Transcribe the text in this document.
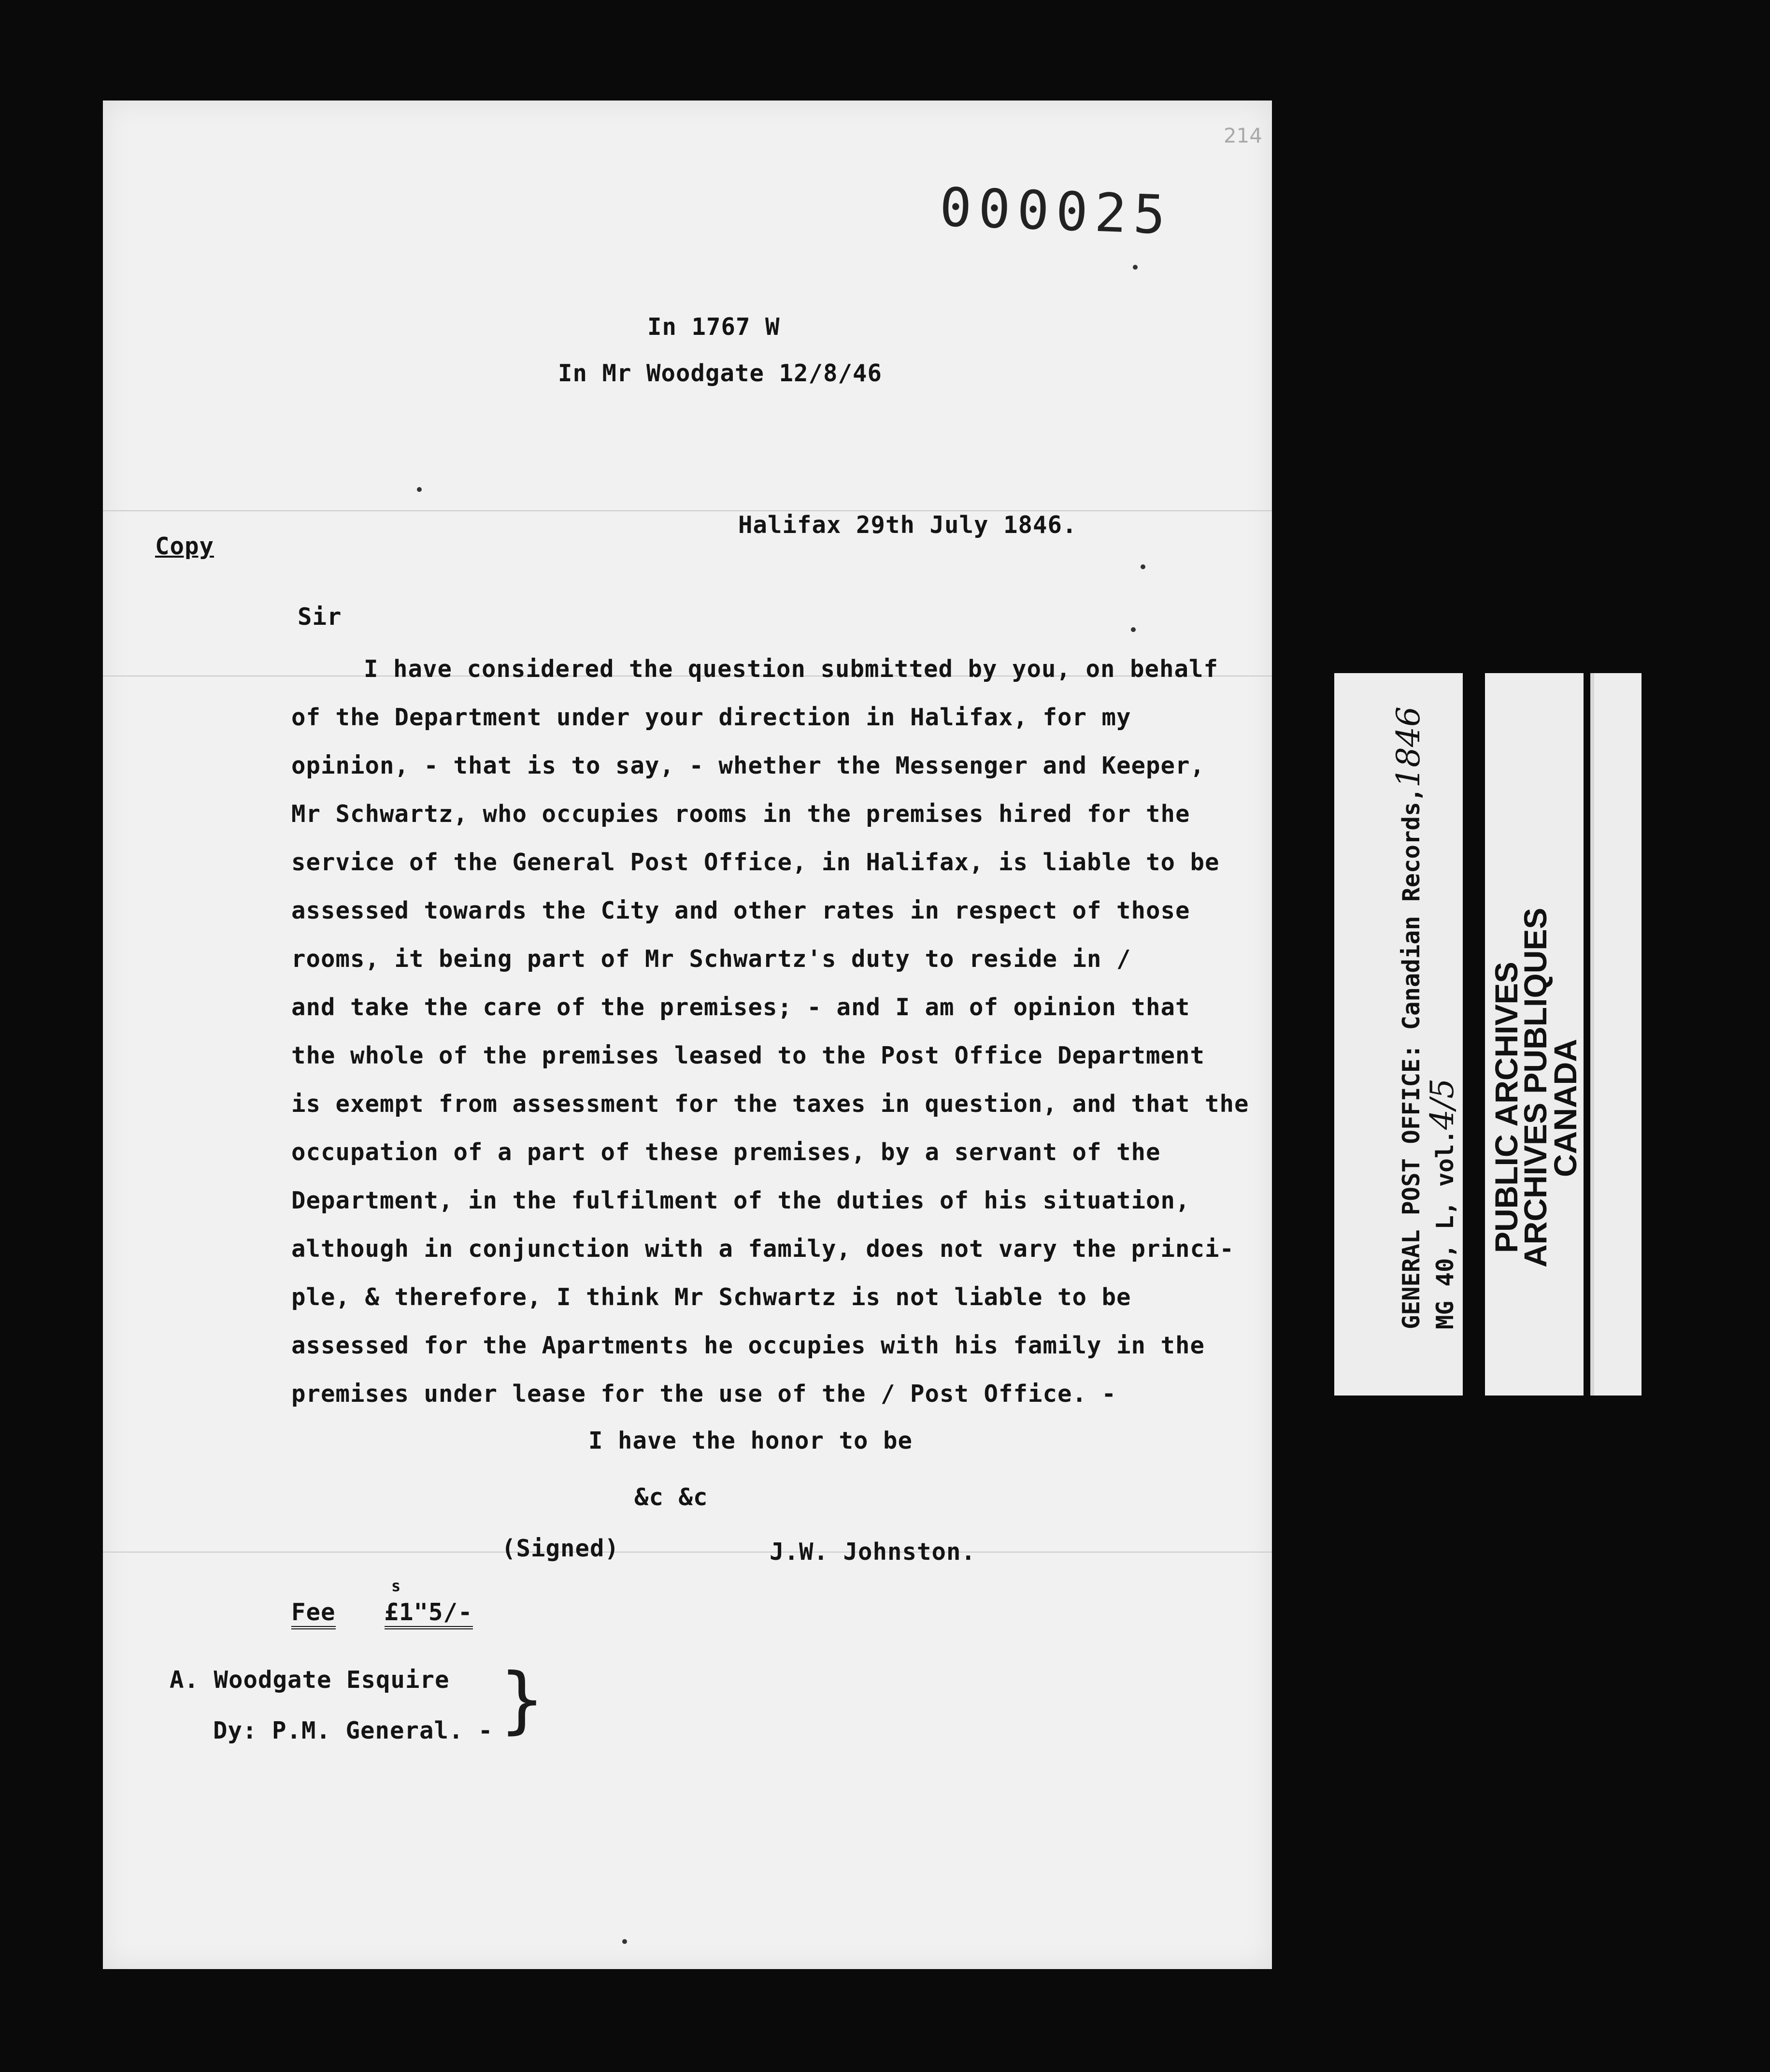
214
000025
In 1767 W
In Mr Woodgate 12/8/46
Copy
Halifax 29th July 1846.
Sir
I have considered the question submitted by you, on behalf
of the Department under your direction in Halifax, for my
opinion, - that is to say, - whether the Messenger and Keeper,
Mr Schwartz, who occupies rooms in the premises hired for the
service of the General Post Office, in Halifax, is liable to be
assessed towards the City and other rates in respect of those
rooms, it being part of Mr Schwartz's duty to reside in /
and take the care of the premises; - and I am of opinion that
the whole of the premises leased to the Post Office Department
is exempt from assessment for the taxes in question, and that the
occupation of a part of these premises, by a servant of the
Department, in the fulfilment of the duties of his situation,
although in conjunction with a family, does not vary the princi-
ple, & therefore, I think Mr Schwartz is not liable to be
assessed for the Apartments he occupies with his family in the
premises under lease for the use of the / Post Office. -
I have the honor to be
&c &c
(Signed)	J.W. Johnston.
Fee £1"5/-
s
A. Woodgate Esquire
Dy: P.M. General. - }
GENERAL POST OFFICE: Canadian Records,1846
MG 40, L, vol.4/5 PUBLIC ARCHIVES
ARCHIVES PUBLIQUES
CANADA
